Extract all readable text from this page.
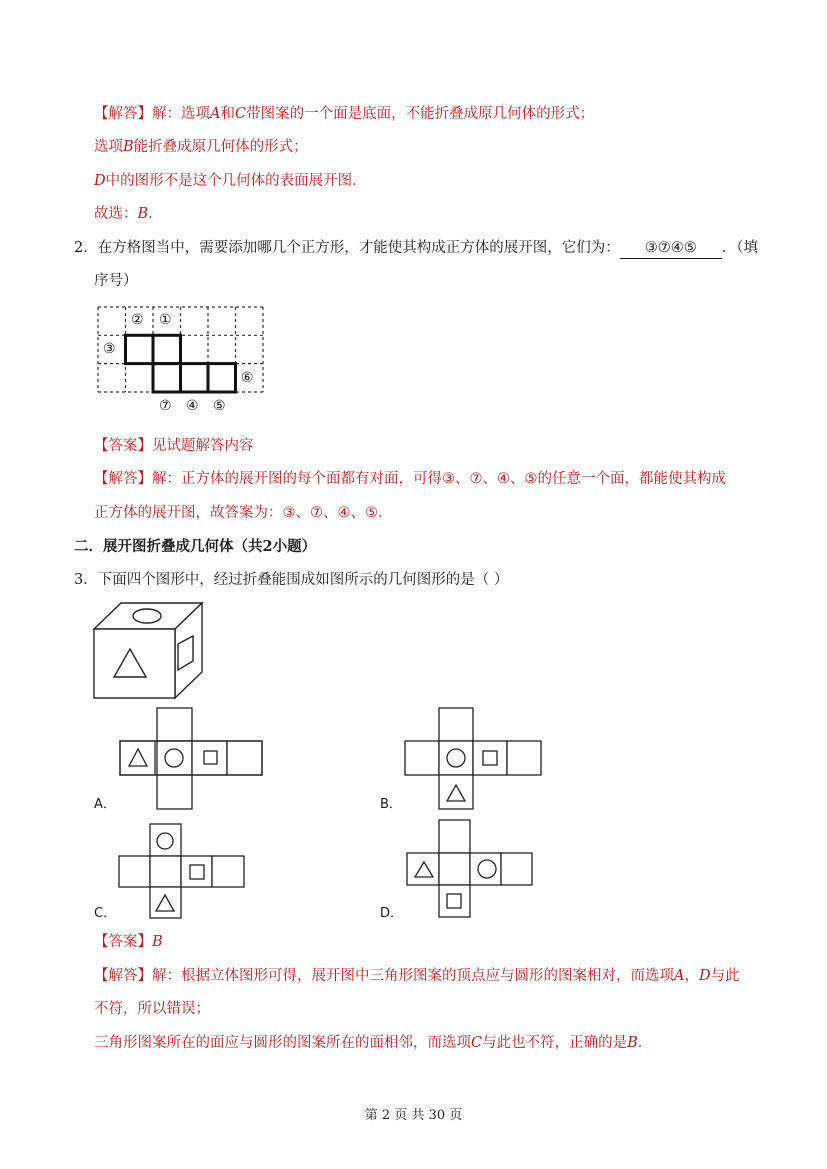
【解答】解：选项A和C带图案的一个面是底面，不能折叠成原几何体的形式；
选项B能折叠成原几何体的形式；
D中的图形不是这个几何体的表面展开图．
故选：B．
2．在方格图当中，需要添加哪几个正方形，才能使其构成正方体的展开图，它们为： ③⑦④⑤ ．（填
序号）
② ①
③
⑥
⑦ ④ ⑤
【答案】见试题解答内容
【解答】解：正方体的展开图的每个面都有对面，可得③、⑦、④、⑤的任意一个面，都能使其构成
正方体的展开图，故答案为：③、⑦、④、⑤．
二．展开图折叠成几何体（共2小题）
3．下面四个图形中，经过折叠能围成如图所示的几何图形的是（ ）
A．	B．
C．	D．
【答案】B
【解答】解：根据立体图形可得，展开图中三角形图案的顶点应与圆形的图案相对，而选项A，D与此
不符，所以错误；
三角形图案所在的面应与圆形的图案所在的面相邻，而选项C与此也不符，正确的是B．
第 2 页 共 30 页
